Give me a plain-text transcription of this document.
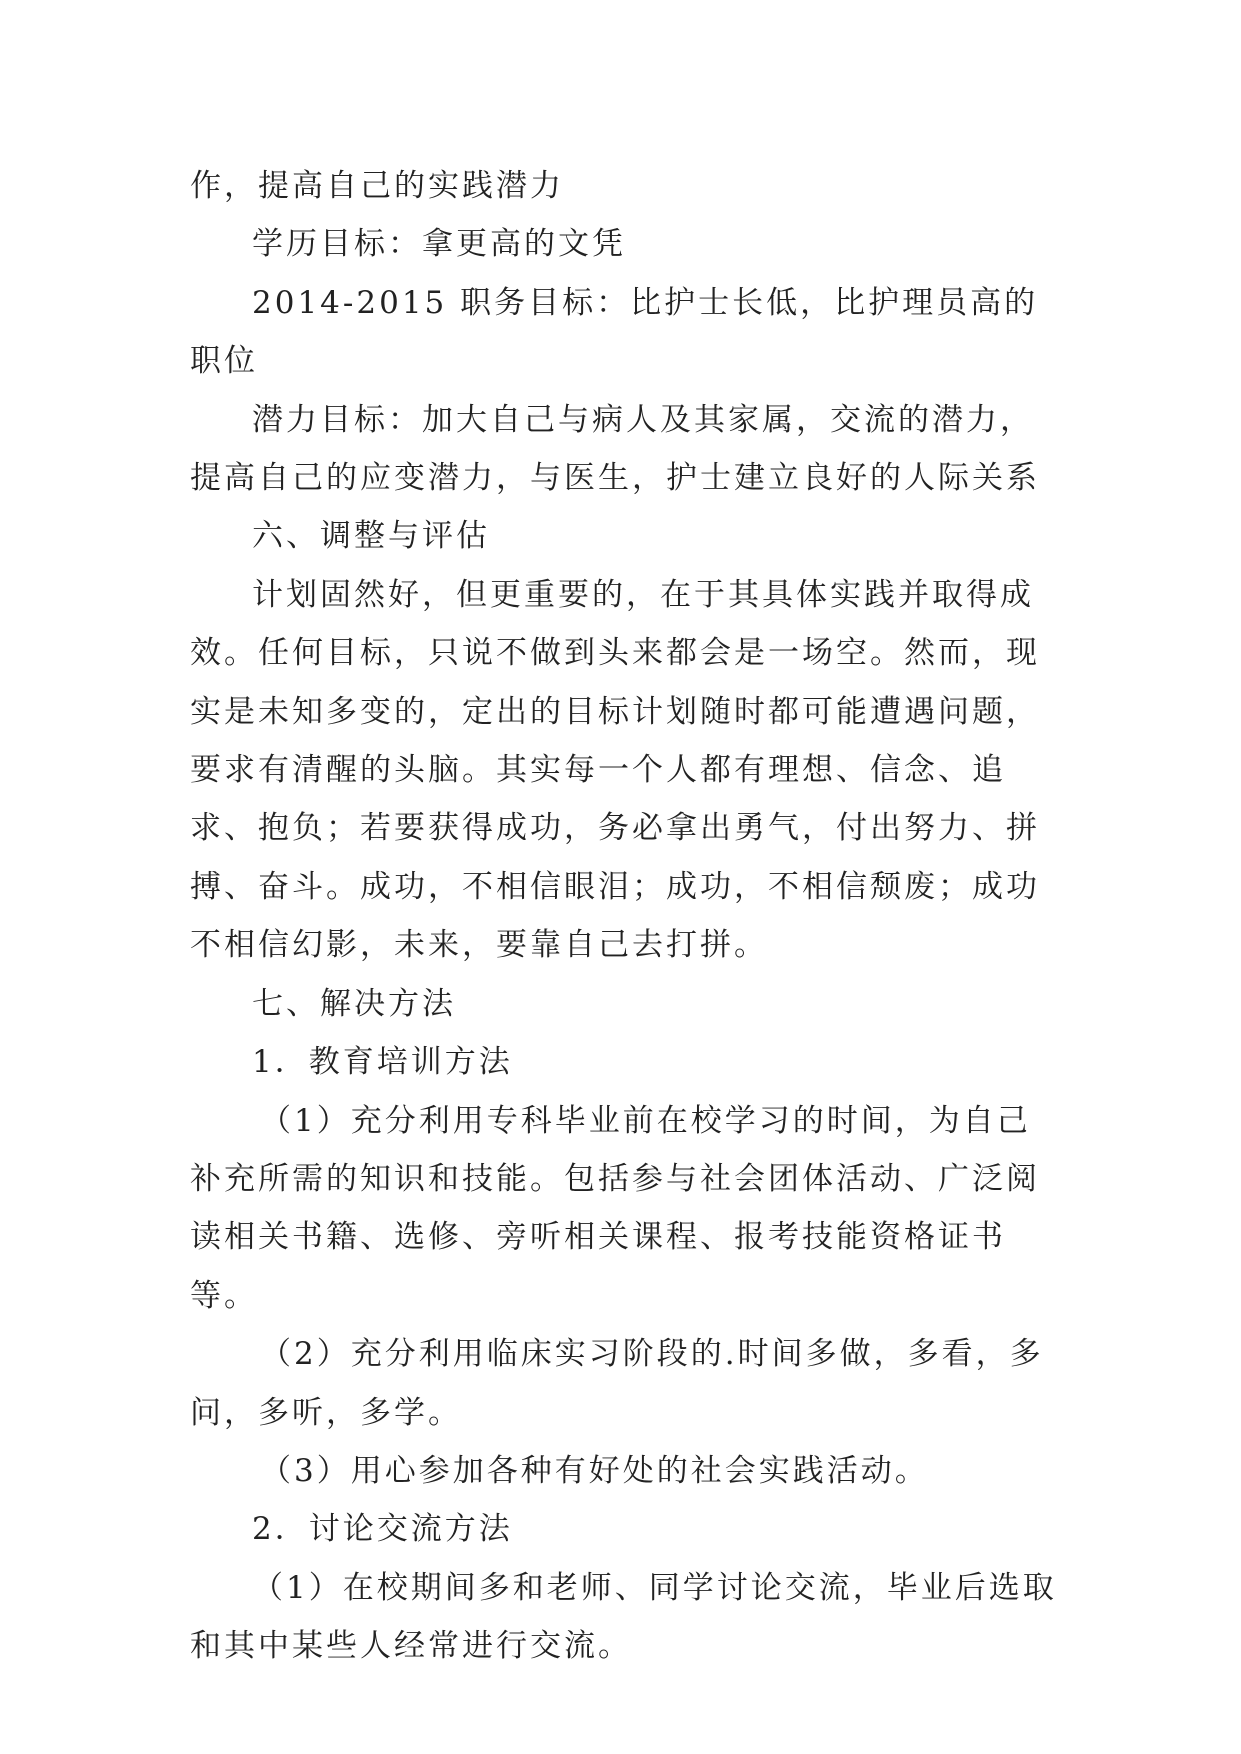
作，提高自己的实践潜力

学历目标：拿更高的文凭

2014-2015 职务目标：比护士长低，比护理员高的职位

潜力目标：加大自己与病人及其家属，交流的潜力，提高自己的应变潜力，与医生，护士建立良好的人际关系

六、调整与评估

计划固然好，但更重要的，在于其具体实践并取得成效。任何目标，只说不做到头来都会是一场空。然而，现实是未知多变的，定出的目标计划随时都可能遭遇问题，要求有清醒的头脑。其实每一个人都有理想、信念、追求、抱负；若要获得成功，务必拿出勇气，付出努力、拼搏、奋斗。成功，不相信眼泪；成功，不相信颓废；成功不相信幻影，未来，要靠自己去打拼。

七、解决方法

1．教育培训方法

（1）充分利用专科毕业前在校学习的时间，为自己补充所需的知识和技能。包括参与社会团体活动、广泛阅读相关书籍、选修、旁听相关课程、报考技能资格证书等。

（2）充分利用临床实习阶段的.时间多做，多看，多问，多听，多学。

（3）用心参加各种有好处的社会实践活动。

2．讨论交流方法

（1）在校期间多和老师、同学讨论交流，毕业后选取和其中某些人经常进行交流。
